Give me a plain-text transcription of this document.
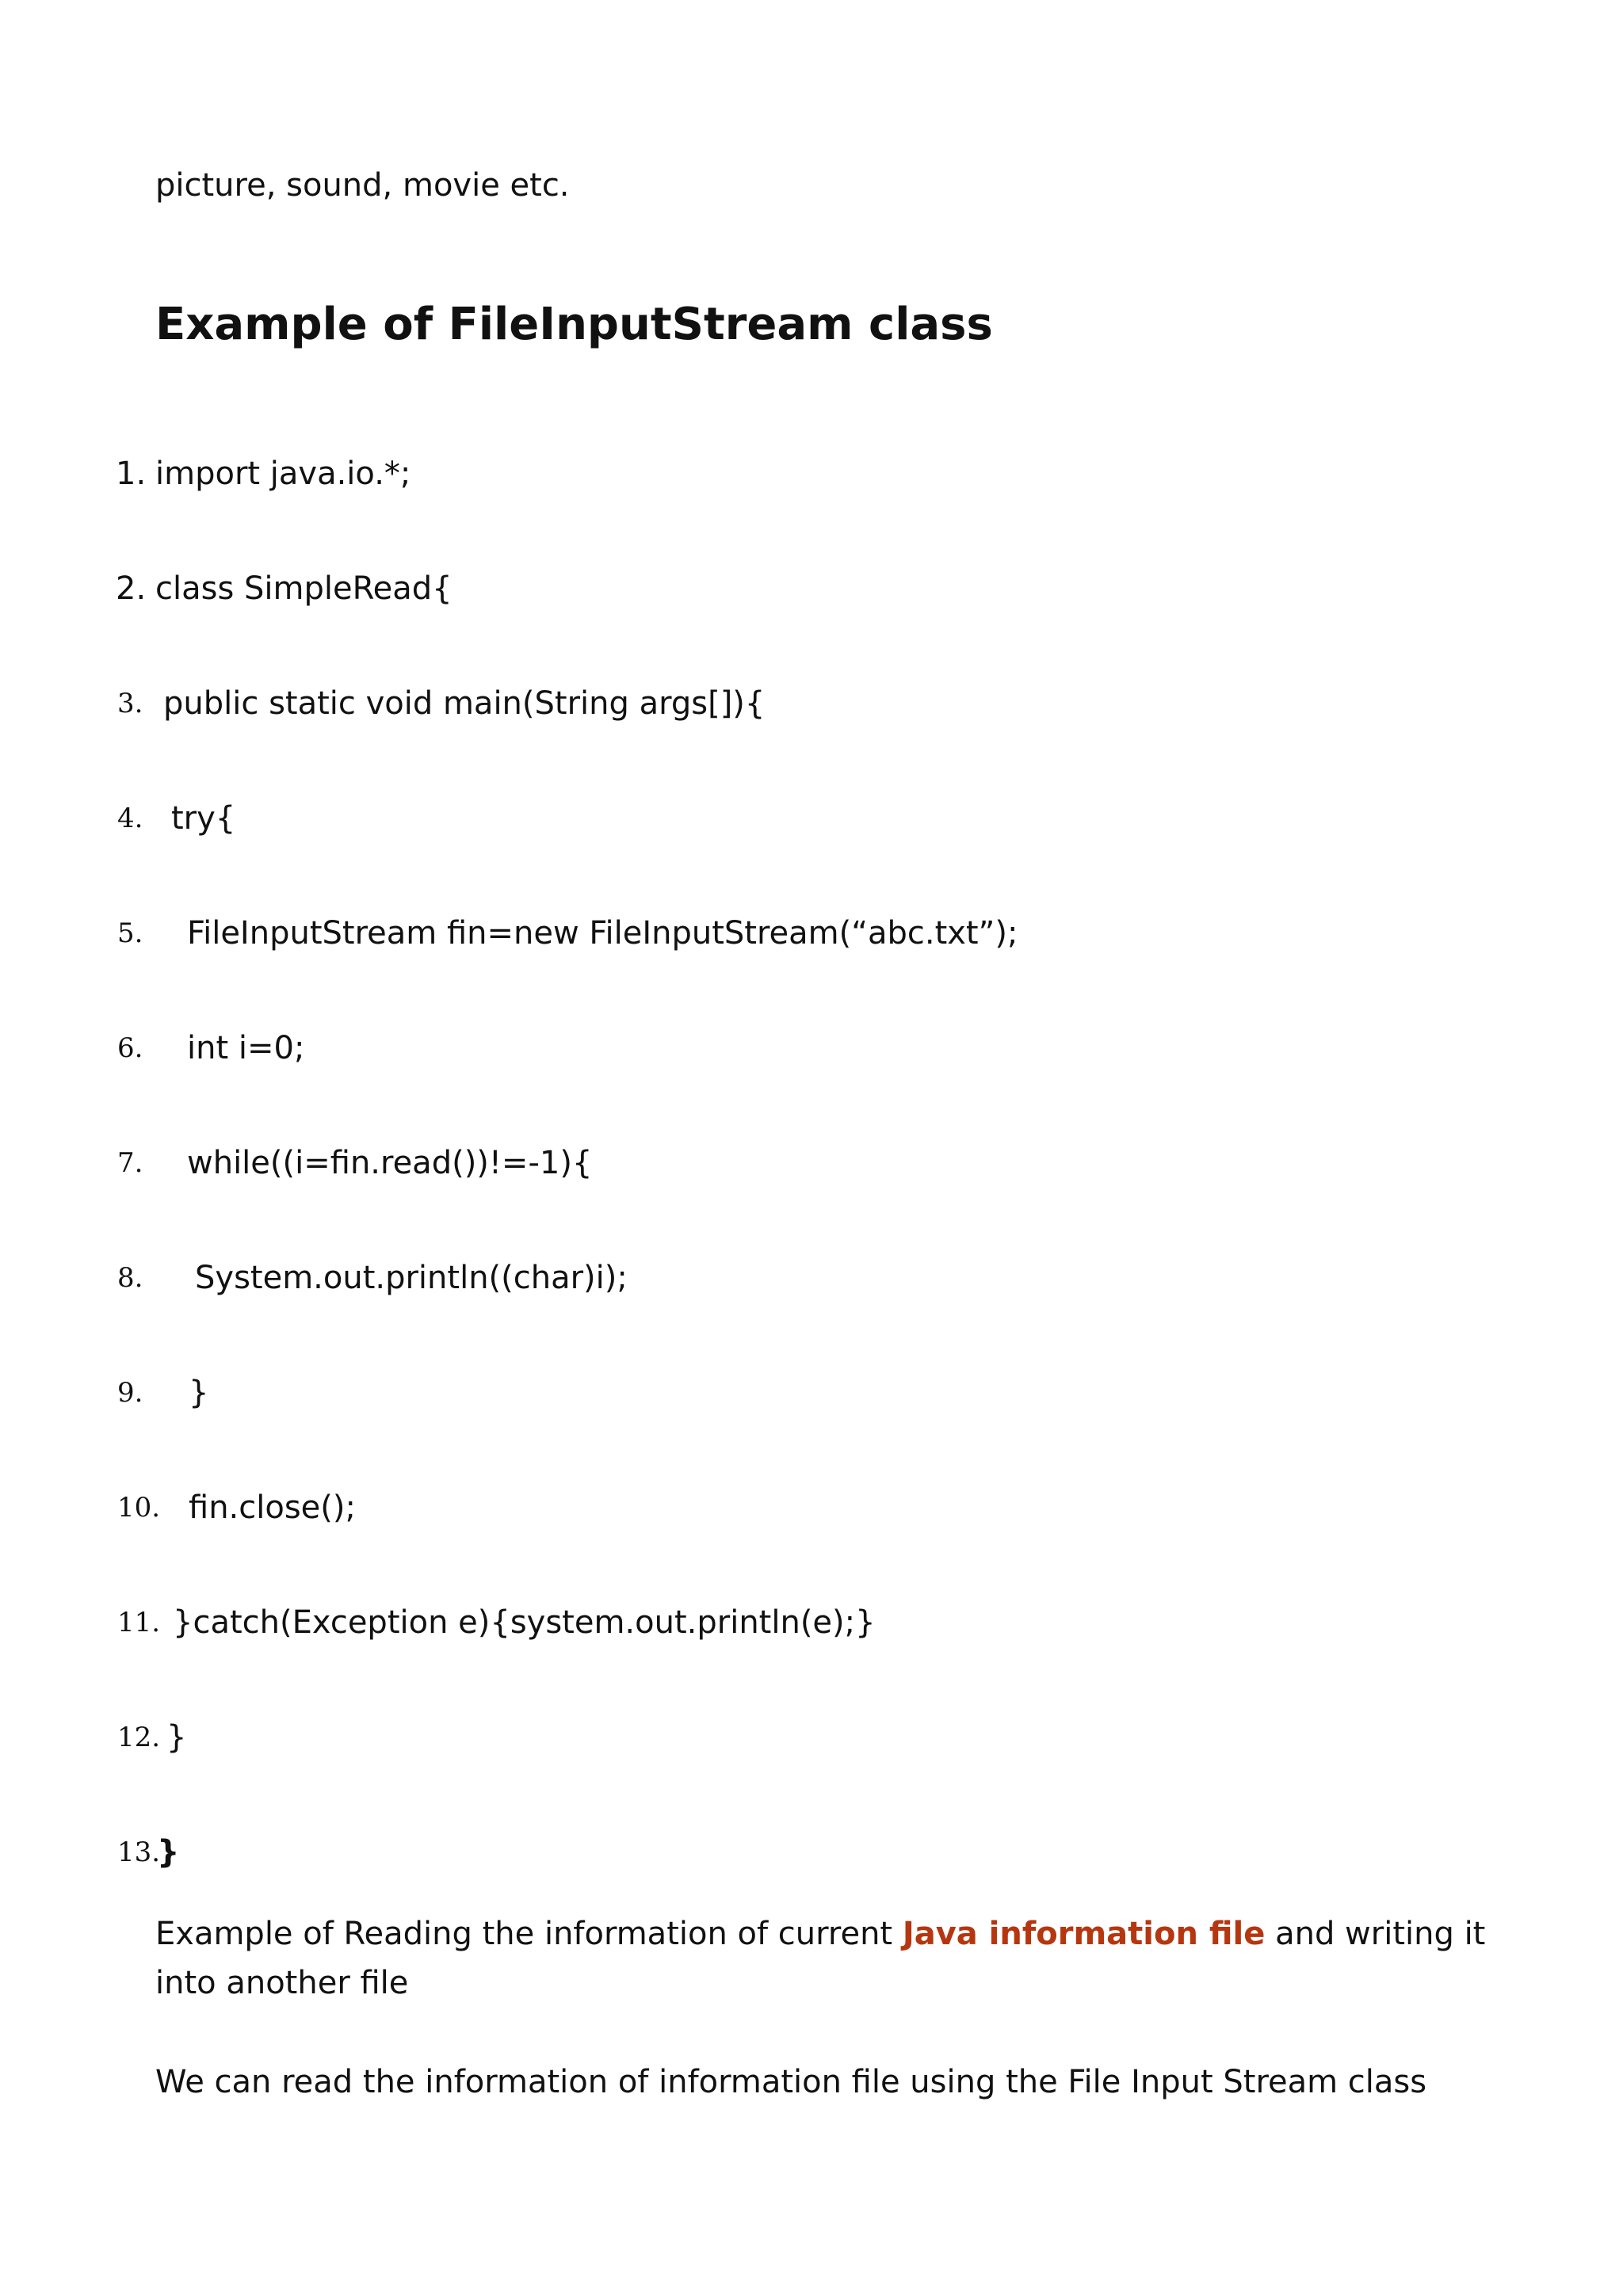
picture, sound, movie etc.
Example of FileInputStream class
1. import java.io.*;
2. class SimpleRead{
3. public static void main(String args[]){
4. try{
5. FileInputStream fin=new FileInputStream(“abc.txt”);
6. int i=0;
7. while((i=fin.read())!=-1){
8. System.out.println((char)i);
9. }
10. fin.close();
11. }catch(Exception e){system.out.println(e);}
12. }
13.
}

Example of Reading the information of current Java information file and writing it into another file

We can read the information of information file using the File Input Stream class
